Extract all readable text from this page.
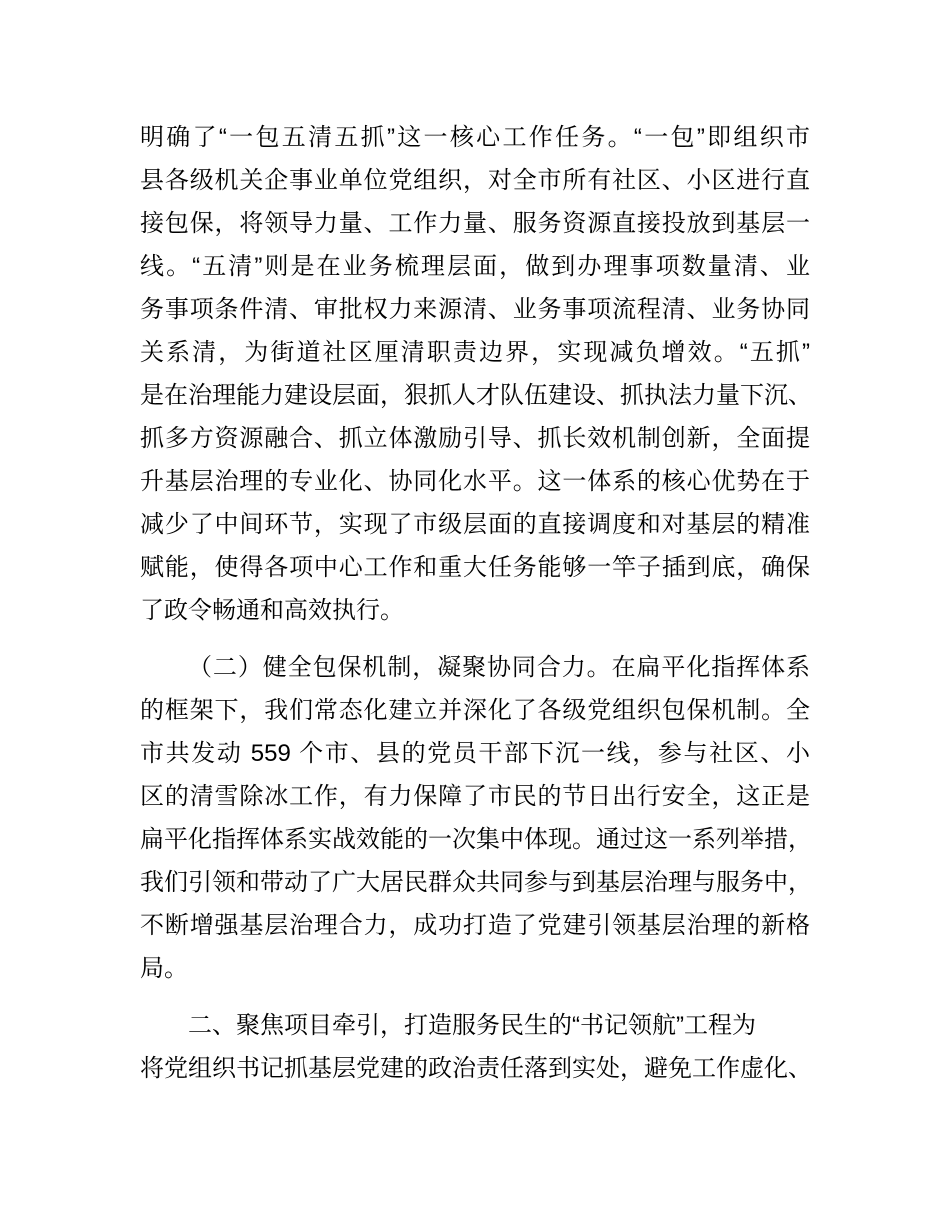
明确了“一包五清五抓”这一核心工作任务。“一包”即组织市
县各级机关企事业单位党组织，对全市所有社区、小区进行直
接包保，将领导力量、工作力量、服务资源直接投放到基层一
线。“五清”则是在业务梳理层面，做到办理事项数量清、业
务事项条件清、审批权力来源清、业务事项流程清、业务协同
关系清，为街道社区厘清职责边界，实现减负增效。“五抓”
是在治理能力建设层面，狠抓人才队伍建设、抓执法力量下沉、
抓多方资源融合、抓立体激励引导、抓长效机制创新，全面提
升基层治理的专业化、协同化水平。这一体系的核心优势在于
减少了中间环节，实现了市级层面的直接调度和对基层的精准
赋能，使得各项中心工作和重大任务能够一竿子插到底，确保
了政令畅通和高效执行。
（二）健全包保机制，凝聚协同合力。在扁平化指挥体系
的框架下，我们常态化建立并深化了各级党组织包保机制。全
市共发动 559 个市、县的党员干部下沉一线，参与社区、小
区的清雪除冰工作，有力保障了市民的节日出行安全，这正是
扁平化指挥体系实战效能的一次集中体现。通过这一系列举措，
我们引领和带动了广大居民群众共同参与到基层治理与服务中，
不断增强基层治理合力，成功打造了党建引领基层治理的新格
局。
二、聚焦项目牵引，打造服务民生的“书记领航”工程为
将党组织书记抓基层党建的政治责任落到实处，避免工作虚化、
